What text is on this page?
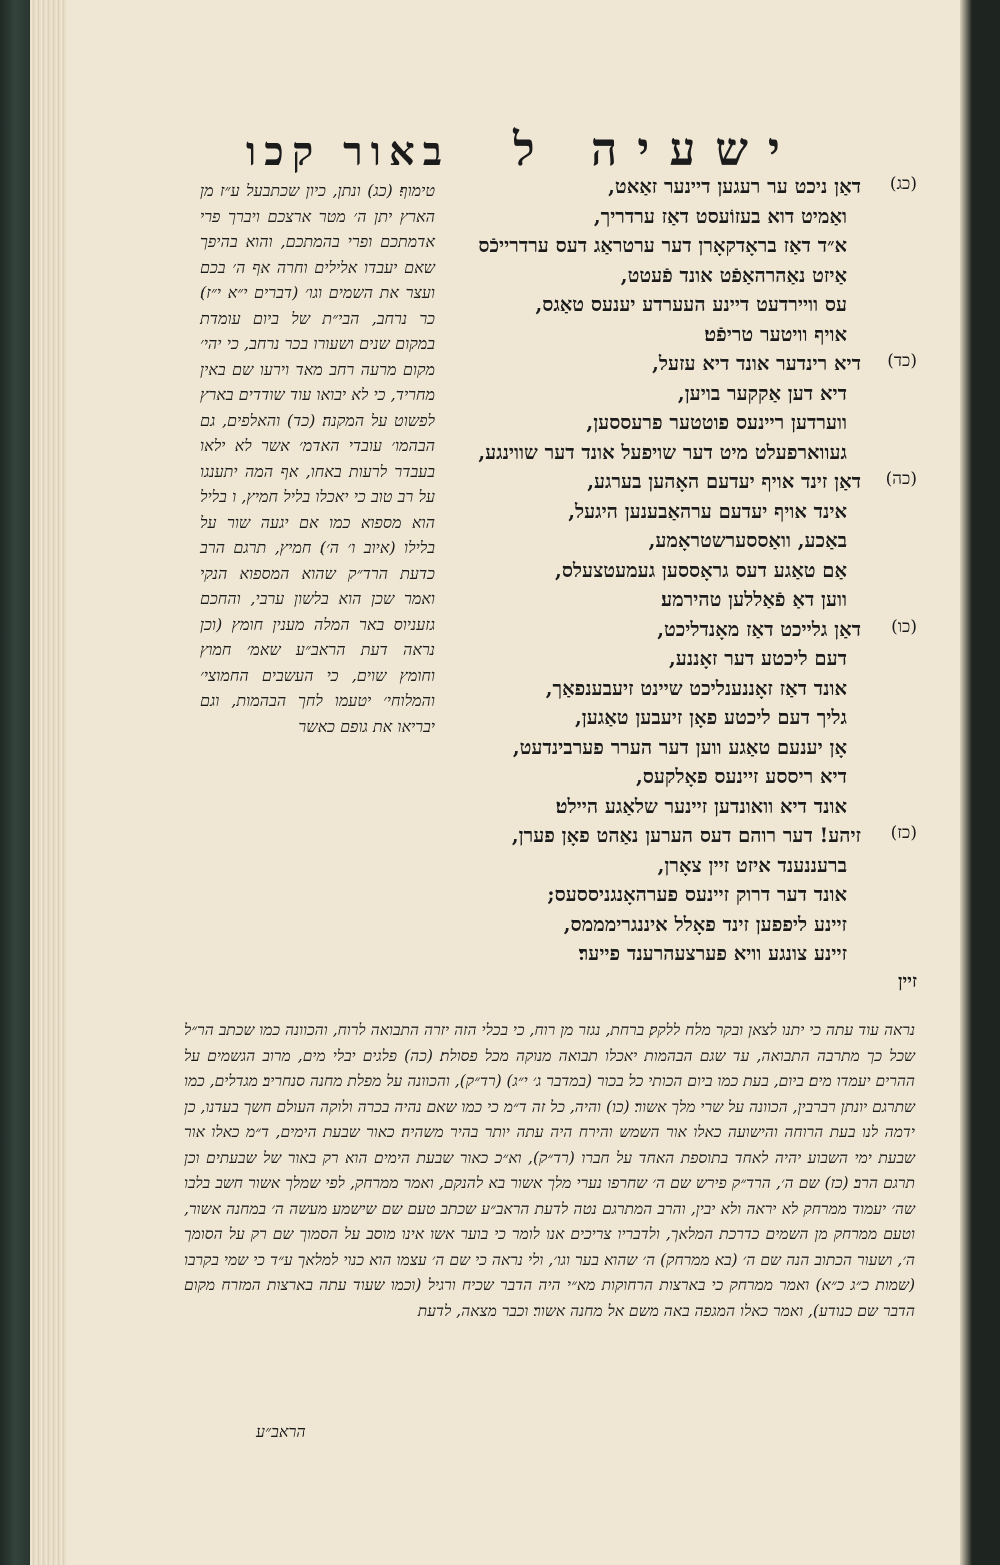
ישעיה ל
באור קכו
(כג)
דאַן ניכט ער רעגען דיינער זאַאט,
ואַמיט דוא בעזוֹעסט דאַז ערדריך,
א״ד דאַז בראָדקאָרן דער ערטראַג דעס ערדרייכֿס
אַיזט נאַהרהאַפֿט אונד פֿעטט,
עס וויירדעט דיינע העערדע יענעס טאַגס,
אויף וויטער טריפֿט׃
(כד)
דיא רינדער אונד דיא עזעל,
דיא דען אַקקער בויען,
ווערדען ריינעס פוטטער פרעססען,
געווארפעלט מיט דער שויפעל אונד דער שווינגע,
(כה)
דאַן זינד אויף יעדעם האָהען בערגע,
אינד אויף יעדעם ערהאַבענען היגעל,
באַכע, וואַססערשטראָמע,
אַם טאַגע דעס גראָססען געמעטצעלס,
ווען דאַ פֿאַללען טהירמע׃
(כו)
דאַן גלייכט דאַז מאָנדליכט,
דעם ליכטע דער זאָננע,
אונד דאַז זאָננענליכט שיינט זיעבענפאַך,
גליך דעם ליכטע פאָן זיעבען טאַגען,
אָן יענעם טאַגע ווען דער הערר פערבינדעט,
דיא ריססע זיינעס פאָלקעס,
אונד דיא וואונדען זיינער שלאַגע היילט׃
(כז)
זיהע! דער רוהם דעס הערען נאַהט פאָן פערן,
ברעננענד איזט זיין צאָרן,
אונד דער דרוק זיינעס פערהאָנגניססעס;
זיינע ליפפען זינד פאָלל איננגרימממס,
זיינע צונגע וויא פערצעהרענד פייער׃
זיין
טימוף׃ (כג) ונתן, כיון שכתבעל ע״ז מן הארץ יתן ה׳ מטר ארצכם ויברך פרי אדמתכם ופרי בהמתכם, והוא בהיפך שאם יעבדו אלילים וחרה אף ה׳ בכם ועצר את השמים וגו׳ (דברים י״א י״ז)׃ כר נרחב, הבי״ת של ביום עומדת במקום שנים ושעורו בכר נרחב, כי יהי׳ מקום מרעה רחב מאד וירעו שם באין מחריד, כי לא יבואו עוד שודדים בארץ לפשוט על המקנה׃ (כד) והאלפים, גם הבהמו׳ עובדי האדמ׳ אשר לא ילאו בעבדר לרעות באחו, אף המה יתענגו על רב טוב כי יאכלו בליל חמיץ, ו בליל הוא מספוא כמו אם יגעה שור על בלילו (איוב ו׳ ה׳)׃ חמיץ, תרגם הרב כדעת הרד״ק שהוא המספוא הנקי ואמר שכן הוא בלשון ערבי, והחכם גזעניוס באר המלה מענין חומץ (וכן נראה דעת הראב״ע שאמ׳ חמוץ וחומץ שוים, כי העשבים החמוצי׳ והמלוחי׳ יטעמו לחך הבהמות, וגם יבריאו את גופם כאשר
נראה עוד עתה כי יתנו לצאן ובקר מלח ללקק׃ ברחת, נגזר מן רוח, כי בכלי הזה יזרה התבואה לרוח, והכוונה כמו שכתב הר״ל שכל כך מתרבה התבואה, עד שגם הבהמות יאכלו תבואה מנוקה מכל פסולת׃ (כה) פלגים יבלי מים, מרוב הגשמים על ההרים יעמדו מים׃ ביום, בעת כמו ביום הכותי כל בכור (במדבר ג׳ י״ג) (רד״ק), והכוונה על מפלת מחנה סנחריב׃ מגדלים, כמו שתרגם יונתן רברבין, הכוונה על שרי מלך אשור׃ (כו) והיה, כל זה ד״מ כי כמו שאם נהיה בכרה ולוקה העולם חשך בעדנו, כן ידמה לנו בעת הרוחה והישועה כאלו אור השמש והירח היה עתה יותר בהיר משהיה׃ כאור שבעת הימים, ד״מ כאלו אור שבעת ימי השבוע יהיה לאחד בתוספת האחד על חברו (רד״ק), וא״כ כאור שבעת הימים הוא רק באור של שבעתים וכן תרגם הרב׃ (כז) שם ה׳, הרד״ק פירש שם ה׳ שחרפו נערי מלך אשור בא להנקם, ואמר ממרחק, לפי שמלך אשור חשב בלבו שה׳ יעמוד ממרחק לא יראה ולא יבין, והרב המתרגם נטה לדעת הראב״ע שכתב טעם שם שישמע מעשה ה׳ במחנה אשור, וטעם ממרחק מן השמים כדרכת המלאך, ולדבריו צריכים אנו לומר כי בוער אשו אינו מוסב על הסמוך שם רק על הסומך ה׳, ושעור הכתוב הנה שם ה׳ (בא ממרחק) ה׳ שהוא בער וגו׳, ולי נראה כי שם ה׳ עצמו הוא כנוי למלאך ע״ד כי שמי בקרבו (שמות כ״ג כ״א) ואמר ממרחק כי בארצות הרחוקות מא״י היה הדבר שכיח ורגיל (וכמו שעוד עתה בארצות המזרח מקום הדבר שם כנודע), ואמר כאלו המגפה באה משם אל מחנה אשור׃ וכבר מצאה, לדעת
הראב״ע
